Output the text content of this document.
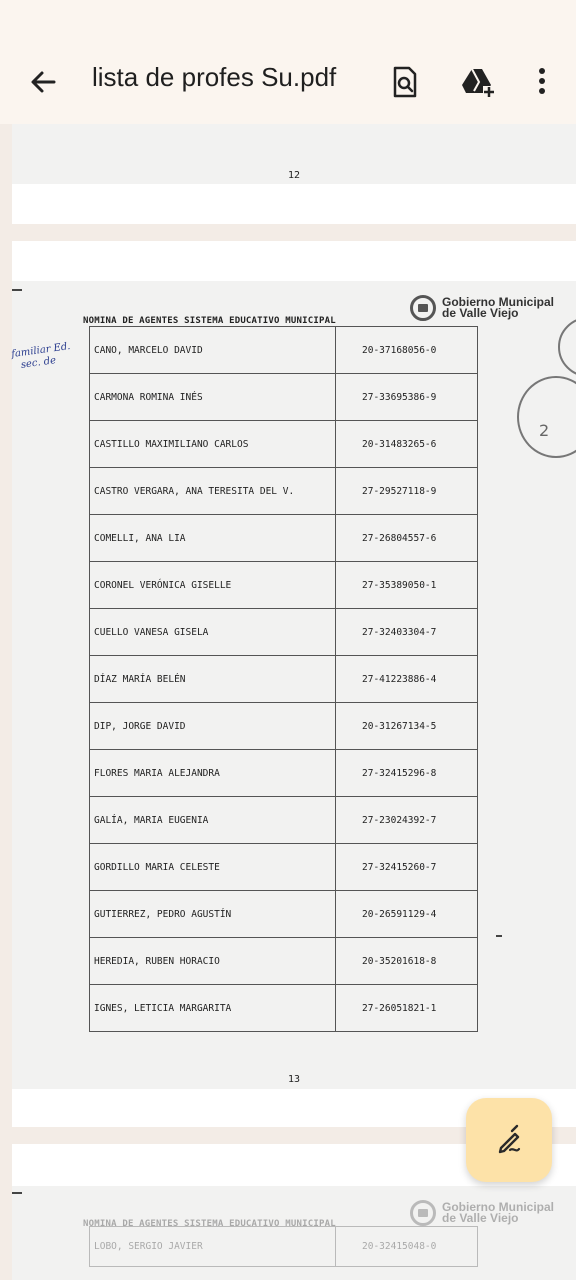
lista de profes Su.pdf
12
NOMINA DE AGENTES SISTEMA EDUCATIVO MUNICIPAL
Gobierno Municipal
de Valle Viejo
familiar Ed.
sec. de
2
CANO, MARCELO DAVID	20-37168056-0
CARMONA ROMINA INÉS	27-33695386-9
CASTILLO MAXIMILIANO CARLOS	20-31483265-6
CASTRO VERGARA, ANA TERESITA DEL V.	27-29527118-9
COMELLI, ANA LIA	27-26804557-6
CORONEL VERÓNICA GISELLE	27-35389050-1
CUELLO VANESA GISELA	27-32403304-7
DÍAZ MARÍA BELÉN	27-41223886-4
DIP, JORGE DAVID	20-31267134-5
FLORES MARIA ALEJANDRA	27-32415296-8
GALÍA, MARIA EUGENIA	27-23024392-7
GORDILLO MARIA CELESTE	27-32415260-7
GUTIERREZ, PEDRO AGUSTÍN	20-26591129-4
HEREDIA, RUBEN HORACIO	20-35201618-8
IGNES, LETICIA MARGARITA	27-26051821-1
13
NOMINA DE AGENTES SISTEMA EDUCATIVO MUNICIPAL
Gobierno Municipal
de Valle Viejo
LOBO, SERGIO JAVIER	20-32415048-0
